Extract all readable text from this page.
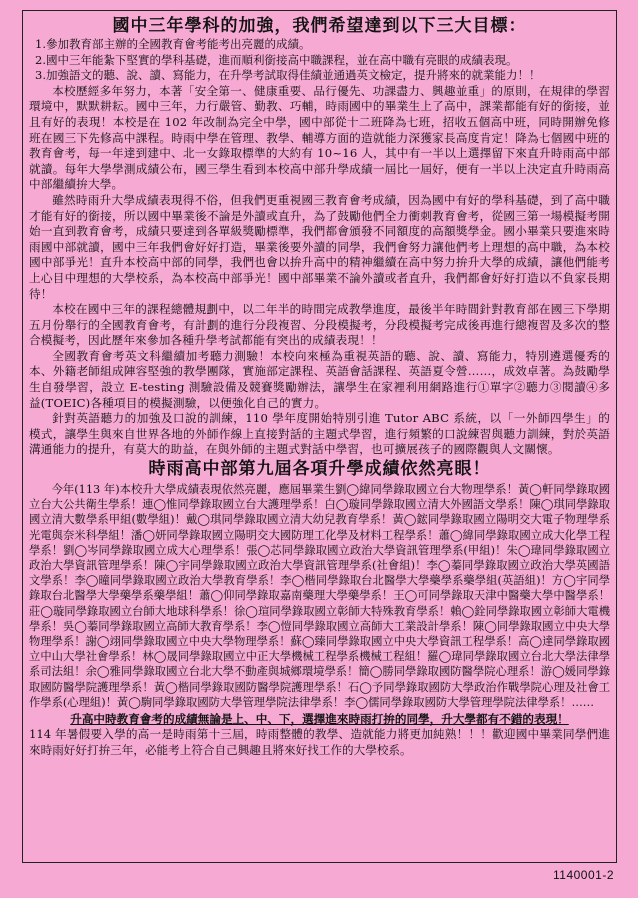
國中三年學科的加強，我們希望達到以下三大目標：
1.參加教育部主辦的全國教育會考能考出亮麗的成績。
2.國中三年能紮下堅實的學科基礎，進而順利銜接高中職課程，並在高中職有亮眼的成績表現。
3.加強語文的聽、說、讀、寫能力，在升學考試取得佳績並通過英文檢定，提升將來的就業能力！！

本校歷經多年努力，本著「安全第一、健康重要、品行優先、功課盡力、興趣並重」的原則，在規律的學習環境中，默默耕耘。國中三年，力行嚴管、勤教、巧輔，時雨國中的畢業生上了高中，課業都能有好的銜接，並且有好的表現！本校是在 102 年改制為完全中學，國中部從十二班降為七班，招收五個高中班，同時開辦免修班在國三下先修高中課程。時雨中學在管理、教學、輔導方面的造就能力深獲家長高度肯定！降為七個國中班的教育會考，每一年達到建中、北一女錄取標準的大約有 10~16 人，其中有一半以上選擇留下來直升時雨高中部就讀。每年大學學測成績公布，國三學生看到本校高中部升學成績一屆比一屆好，便有一半以上決定直升時雨高中部繼續拚大學。

雖然時雨升大學成績表現得不俗，但我們更重視國三教育會考成績，因為國中有好的學科基礎，到了高中職才能有好的銜接，所以國中畢業後不論是外讀或直升，為了鼓勵他們全力衝刺教育會考，從國三第一場模擬考開始一直到教育會考，成績只要達到各單級獎勵標準，我們都會頒發不同額度的高額獎學金。國小畢業只要進來時雨國中部就讀，國中三年我們會好好打造，畢業後要外讀的同學，我們會努力讓他們考上理想的高中職，為本校國中部爭光！直升本校高中部的同學，我們也會以拚升高中的精神繼續在高中努力拚升大學的成績，讓他們能考上心目中理想的大學校系，為本校高中部爭光！國中部畢業不論外讀或者直升，我們都會好好打造以不負家長期待！

本校在國中三年的課程總體規劃中，以二年半的時間完成教學進度，最後半年時間針對教育部在國三下學期五月份舉行的全國教育會考，有計劃的進行分段複習、分段模擬考，分段模擬考完成後再進行總複習及多次的整合模擬考，因此歷年來參加各種升學考試都能有突出的成績表現！！

全國教育會考英文科繼續加考聽力測驗！本校向來極為重視英語的聽、說、讀、寫能力，特別遴選優秀的本、外籍老師組成陣容堅強的教學團隊，實施部定課程、英語會話課程、英語夏令營……，成效卓著。為鼓勵學生自發學習，設立 E-testing 測驗設備及競賽獎勵辦法，讓學生在家裡利用網路進行①單字②聽力③閱讀④多益(TOEIC)各種項目的模擬測驗，以便強化自己的實力。

針對英語聽力的加強及口說的訓練，110 學年度開始特別引進 Tutor ABC 系統，以「一外師四學生」的模式，讓學生與來自世界各地的外師作線上直接對話的主題式學習，進行頻繁的口說練習與聽力訓練，對於英語溝通能力的提升，有莫大的助益，在與外師的主題式對話中學習，也可擴展孩子的國際觀與人文關懷。

時雨高中部第九屆各項升學成績依然亮眼！

今年(113 年)本校升大學成績表現依然亮麗，應屆畢業生劉◯緯同學錄取國立台大物理學系！黃◯軒同學錄取國立台大公共衛生學系！連◯惟同學錄取國立台大護理學系！白◯璇同學錄取國立清大外國語文學系！陳◯琪同學錄取國立清大數學系甲組(數學組)！戴◯琪同學錄取國立清大幼兒教育學系！黃◯鋐同學錄取國立陽明交大電子物理學系光電與奈米科學組！潘◯妍同學錄取國立陽明交大國防理工化學及材料工程學系！蕭◯緯同學錄取國立成大化學工程學系！劉◯岑同學錄取國立成大心理學系！張◯芯同學錄取國立政治大學資訊管理學系(甲組)！朱◯瑋同學錄取國立政治大學資訊管理學系！陳◯宇同學錄取國立政治大學資訊管理學系(社會組)！李◯蓁同學錄取國立政治大學英國語文學系！李◯曈同學錄取國立政治大學教育學系！李◯楷同學錄取台北醫學大學藥學系藥學組(英語組)！方◯宇同學錄取台北醫學大學藥學系藥學組！蕭◯仰同學錄取嘉南藥理大學藥學系！王◯可同學錄取天津中醫藥大學中醫學系！莊◯璇同學錄取國立台師大地球科學系！徐◯瑄同學錄取國立彰師大特殊教育學系！賴◯銓同學錄取國立彰師大電機學系！吳◯蓁同學錄取國立高師大教育學系！李◯愷同學錄取國立高師大工業設計學系！陳◯同學錄取國立中央大學物理學系！謝◯翊同學錄取國立中央大學物理學系！蘇◯臻同學錄取國立中央大學資訊工程學系！高◯達同學錄取國立中山大學社會學系！林◯晟同學錄取國立中正大學機械工程學系機械工程組！羅◯瑋同學錄取國立台北大學法律學系司法組！余◯雅同學錄取國立台北大學不動產與城鄉環境學系！簡◯勝同學錄取國防醫學院心理系！游◯媛同學錄取國防醫學院護理學系！黃◯楷同學錄取國防醫學院護理學系！石◯予同學錄取國防大學政治作戰學院心理及社會工作學系(心理組)！黃◯駒同學錄取國防大學管理學院法律學系！李◯儒同學錄取國防大學管理學院法律學系！……

升高中時教育會考的成績無論是上、中、下，選擇進來時雨打拚的同學，升大學都有不錯的表現！

114 年暑假要入學的高一是時雨第十三屆，時雨整體的教學、造就能力將更加純熟！！！歡迎國中畢業同學們進來時雨好好打拚三年，必能考上符合自己興趣且將來好找工作的大學校系。

1140001-2
